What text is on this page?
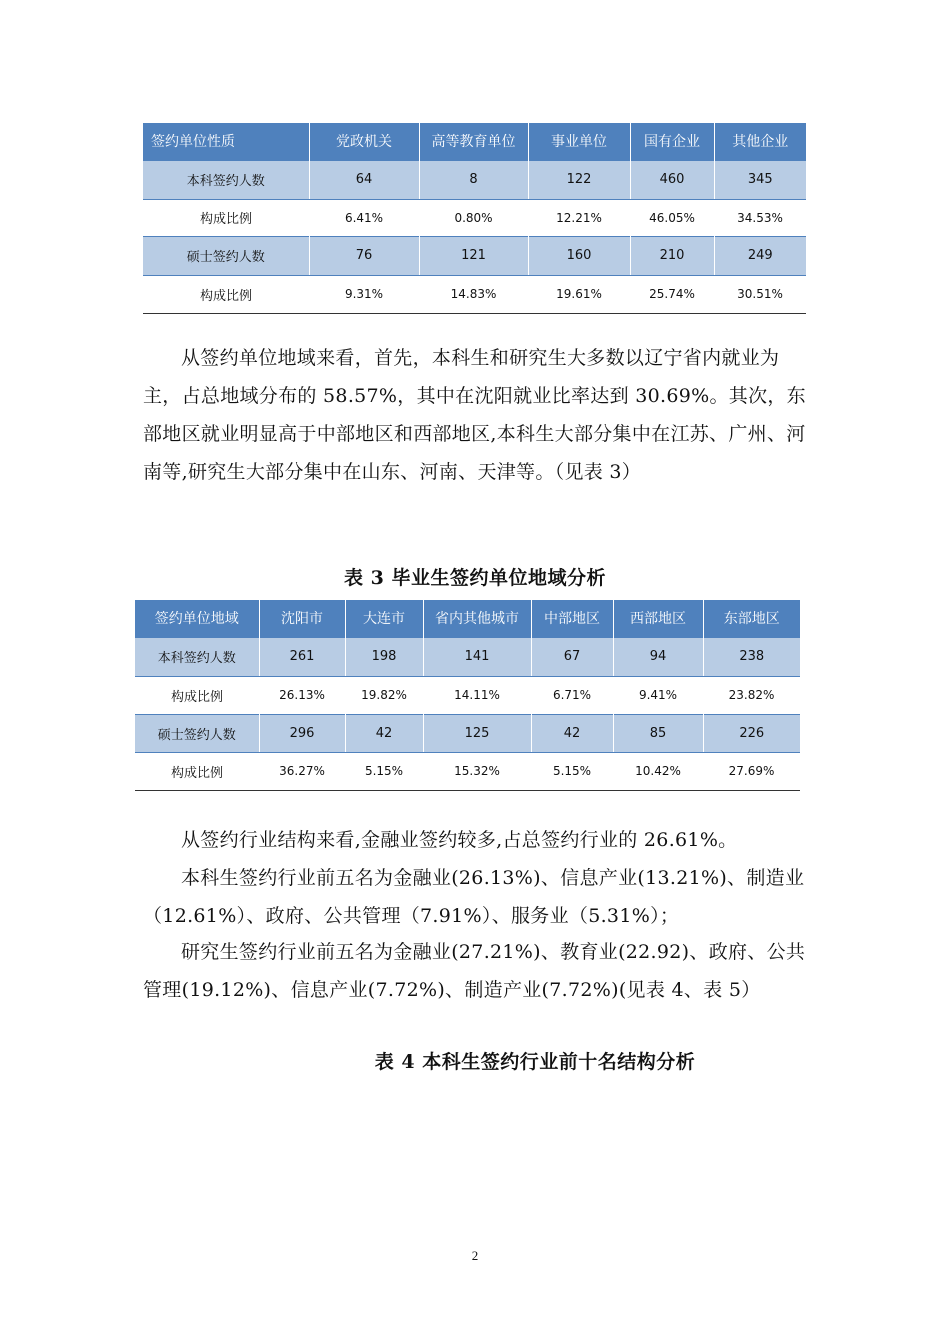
签约单位性质	党政机关	高等教育单位	事业单位	国有企业	其他企业
本科签约人数	64	8	122	460	345
构成比例	6.41%	0.80%	12.21%	46.05%	34.53%
硕士签约人数	76	121	160	210	249
构成比例	9.31%	14.83%	19.61%	25.74%	30.51%

从签约单位地域来看，首先，本科生和研究生大多数以辽宁省内就业为主，占总地域分布的 58.57%，其中在沈阳就业比率达到 30.69%。其次，东部地区就业明显高于中部地区和西部地区,本科生大部分集中在江苏、广州、河南等,研究生大部分集中在山东、河南、天津等。（见表 3）

表 3 毕业生签约单位地域分析
签约单位地域	沈阳市	大连市	省内其他城市	中部地区	西部地区	东部地区
本科签约人数	261	198	141	67	94	238
构成比例	26.13%	19.82%	14.11%	6.71%	9.41%	23.82%
硕士签约人数	296	42	125	42	85	226
构成比例	36.27%	5.15%	15.32%	5.15%	10.42%	27.69%

从签约行业结构来看,金融业签约较多,占总签约行业的 26.61%。

本科生签约行业前五名为金融业(26.13%)、信息产业(13.21%)、制造业（12.61%）、政府、公共管理（7.91%）、服务业（5.31%）；

研究生签约行业前五名为金融业(27.21%)、教育业(22.92)、政府、公共管理(19.12%)、信息产业(7.72%)、制造产业(7.72%)(见表 4、表 5）

表 4 本科生签约行业前十名结构分析
2
